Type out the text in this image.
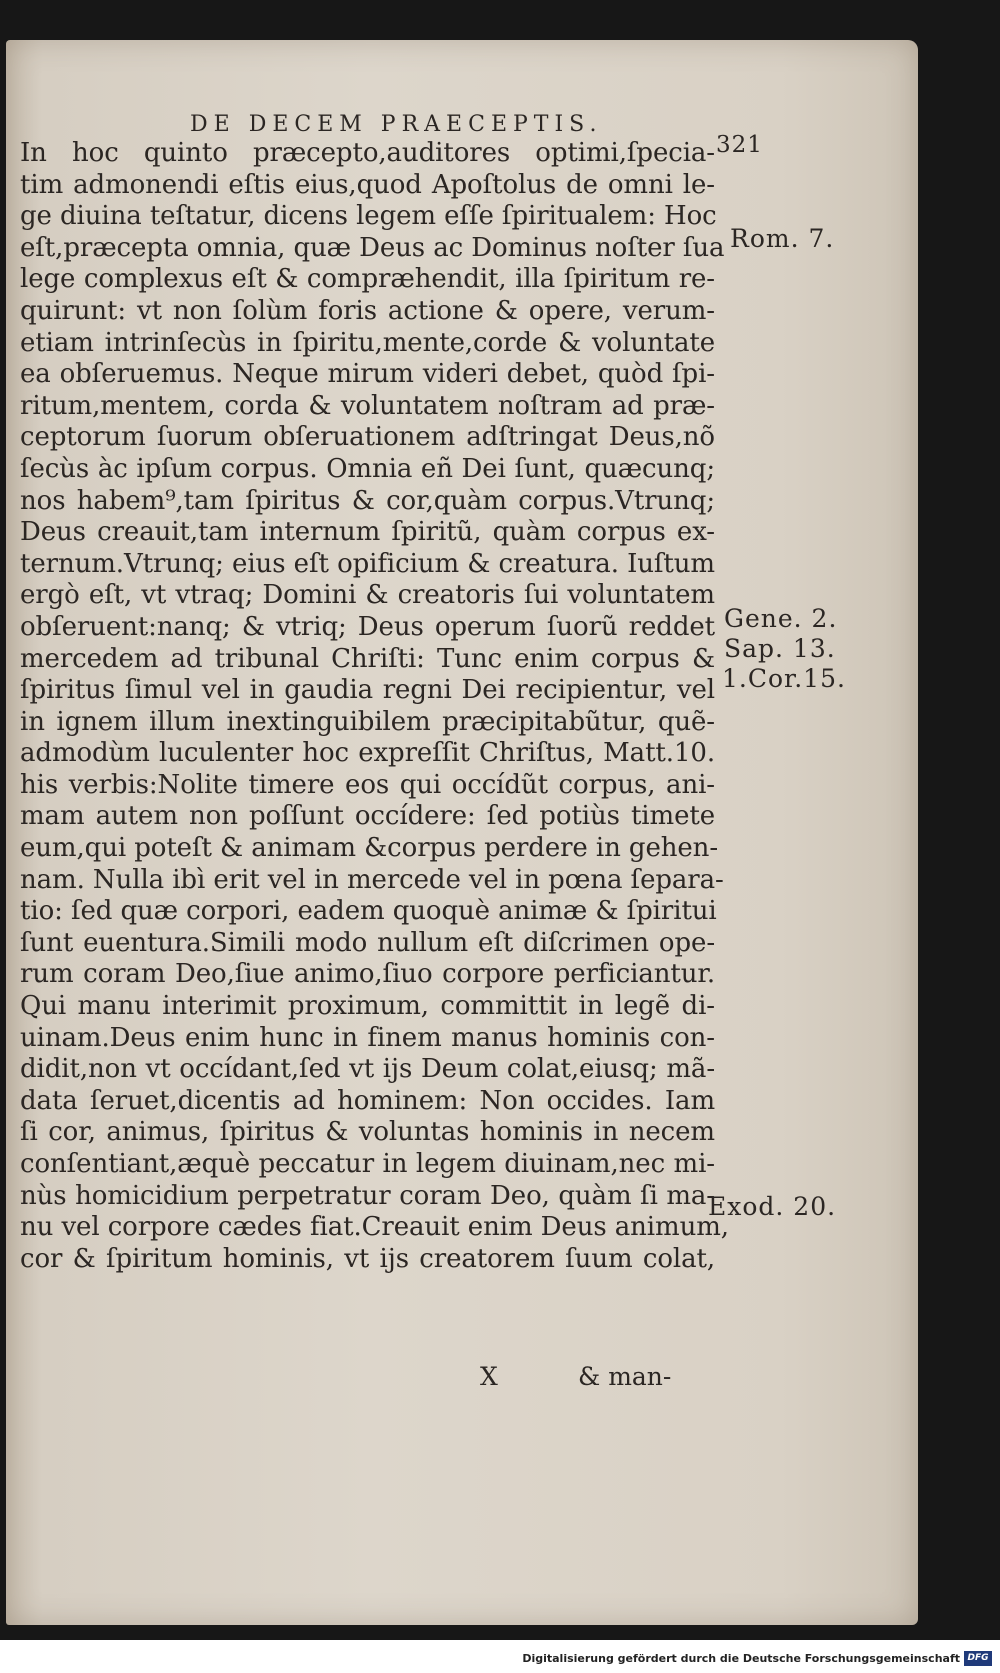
DE DECEM PRAECEPTIS.
321
In hoc quinto præcepto,auditores optimi,ſpecia-
tim admonendi eſtis eius,quod Apoſtolus de omni le-
ge diuina teſtatur, dicens legem eſſe ſpiritualem: Hoc
eſt,præcepta omnia, quæ Deus ac Dominus noſter ſua
lege complexus eſt & compræhendit, illa ſpiritum re-
quirunt: vt non ſolùm foris actione & opere, verum-
etiam intrinſecùs in ſpiritu,mente,corde & voluntate
ea obſeruemus. Neque mirum videri debet, quòd ſpi-
ritum,mentem, corda & voluntatem noſtram ad præ-
ceptorum ſuorum obſeruationem adſtringat Deus,nõ
ſecùs àc ipſum corpus. Omnia eñ Dei ſunt, quæcunq;
nos habem⁹,tam ſpiritus & cor,quàm corpus.Vtrunq;
Deus creauit,tam internum ſpiritũ, quàm corpus ex-
ternum.Vtrunq; eius eſt opificium & creatura. Iuſtum
ergò eſt, vt vtraq; Domini & creatoris ſui voluntatem
obſeruent:nanq; & vtriq; Deus operum ſuorũ reddet
mercedem ad tribunal Chriſti: Tunc enim corpus &
ſpiritus ſimul vel in gaudia regni Dei recipientur, vel
in ignem illum inextinguibilem præcipitabũtur, quẽ-
admodùm luculenter hoc expreſſit Chriſtus, Matt.10.
his verbis:Nolite timere eos qui occídũt corpus, ani-
mam autem non poſſunt occídere: ſed potiùs timete
eum,qui poteſt & animam &corpus perdere in gehen-
nam. Nulla ibì erit vel in mercede vel in pœna ſepara-
tio: ſed quæ corpori, eadem quoquè animæ & ſpiritui
ſunt euentura.Simili modo nullum eſt diſcrimen ope-
rum coram Deo,ſiue animo,ſiuo corpore perficiantur.
Qui manu interimit proximum, committit in legẽ di-
uinam.Deus enim hunc in finem manus hominis con-
didit,non vt occídant,ſed vt ijs Deum colat,eiusq; mã-
data ſeruet,dicentis ad hominem: Non occides. Iam
ſi cor, animus, ſpiritus & voluntas hominis in necem
conſentiant,æquè peccatur in legem diuinam,nec mi-
nùs homicidium perpetratur coram Deo, quàm ſi ma-
nu vel corpore cædes fiat.Creauit enim Deus animum,
cor & ſpiritum hominis, vt ijs creatorem ſuum colat,
Rom. 7.
Gene. 2.
Sap. 13.
1.Cor.15.
Exod. 20.
X	& man-
Digitalisierung gefördert durch die Deutsche Forschungsgemeinschaft DFG
